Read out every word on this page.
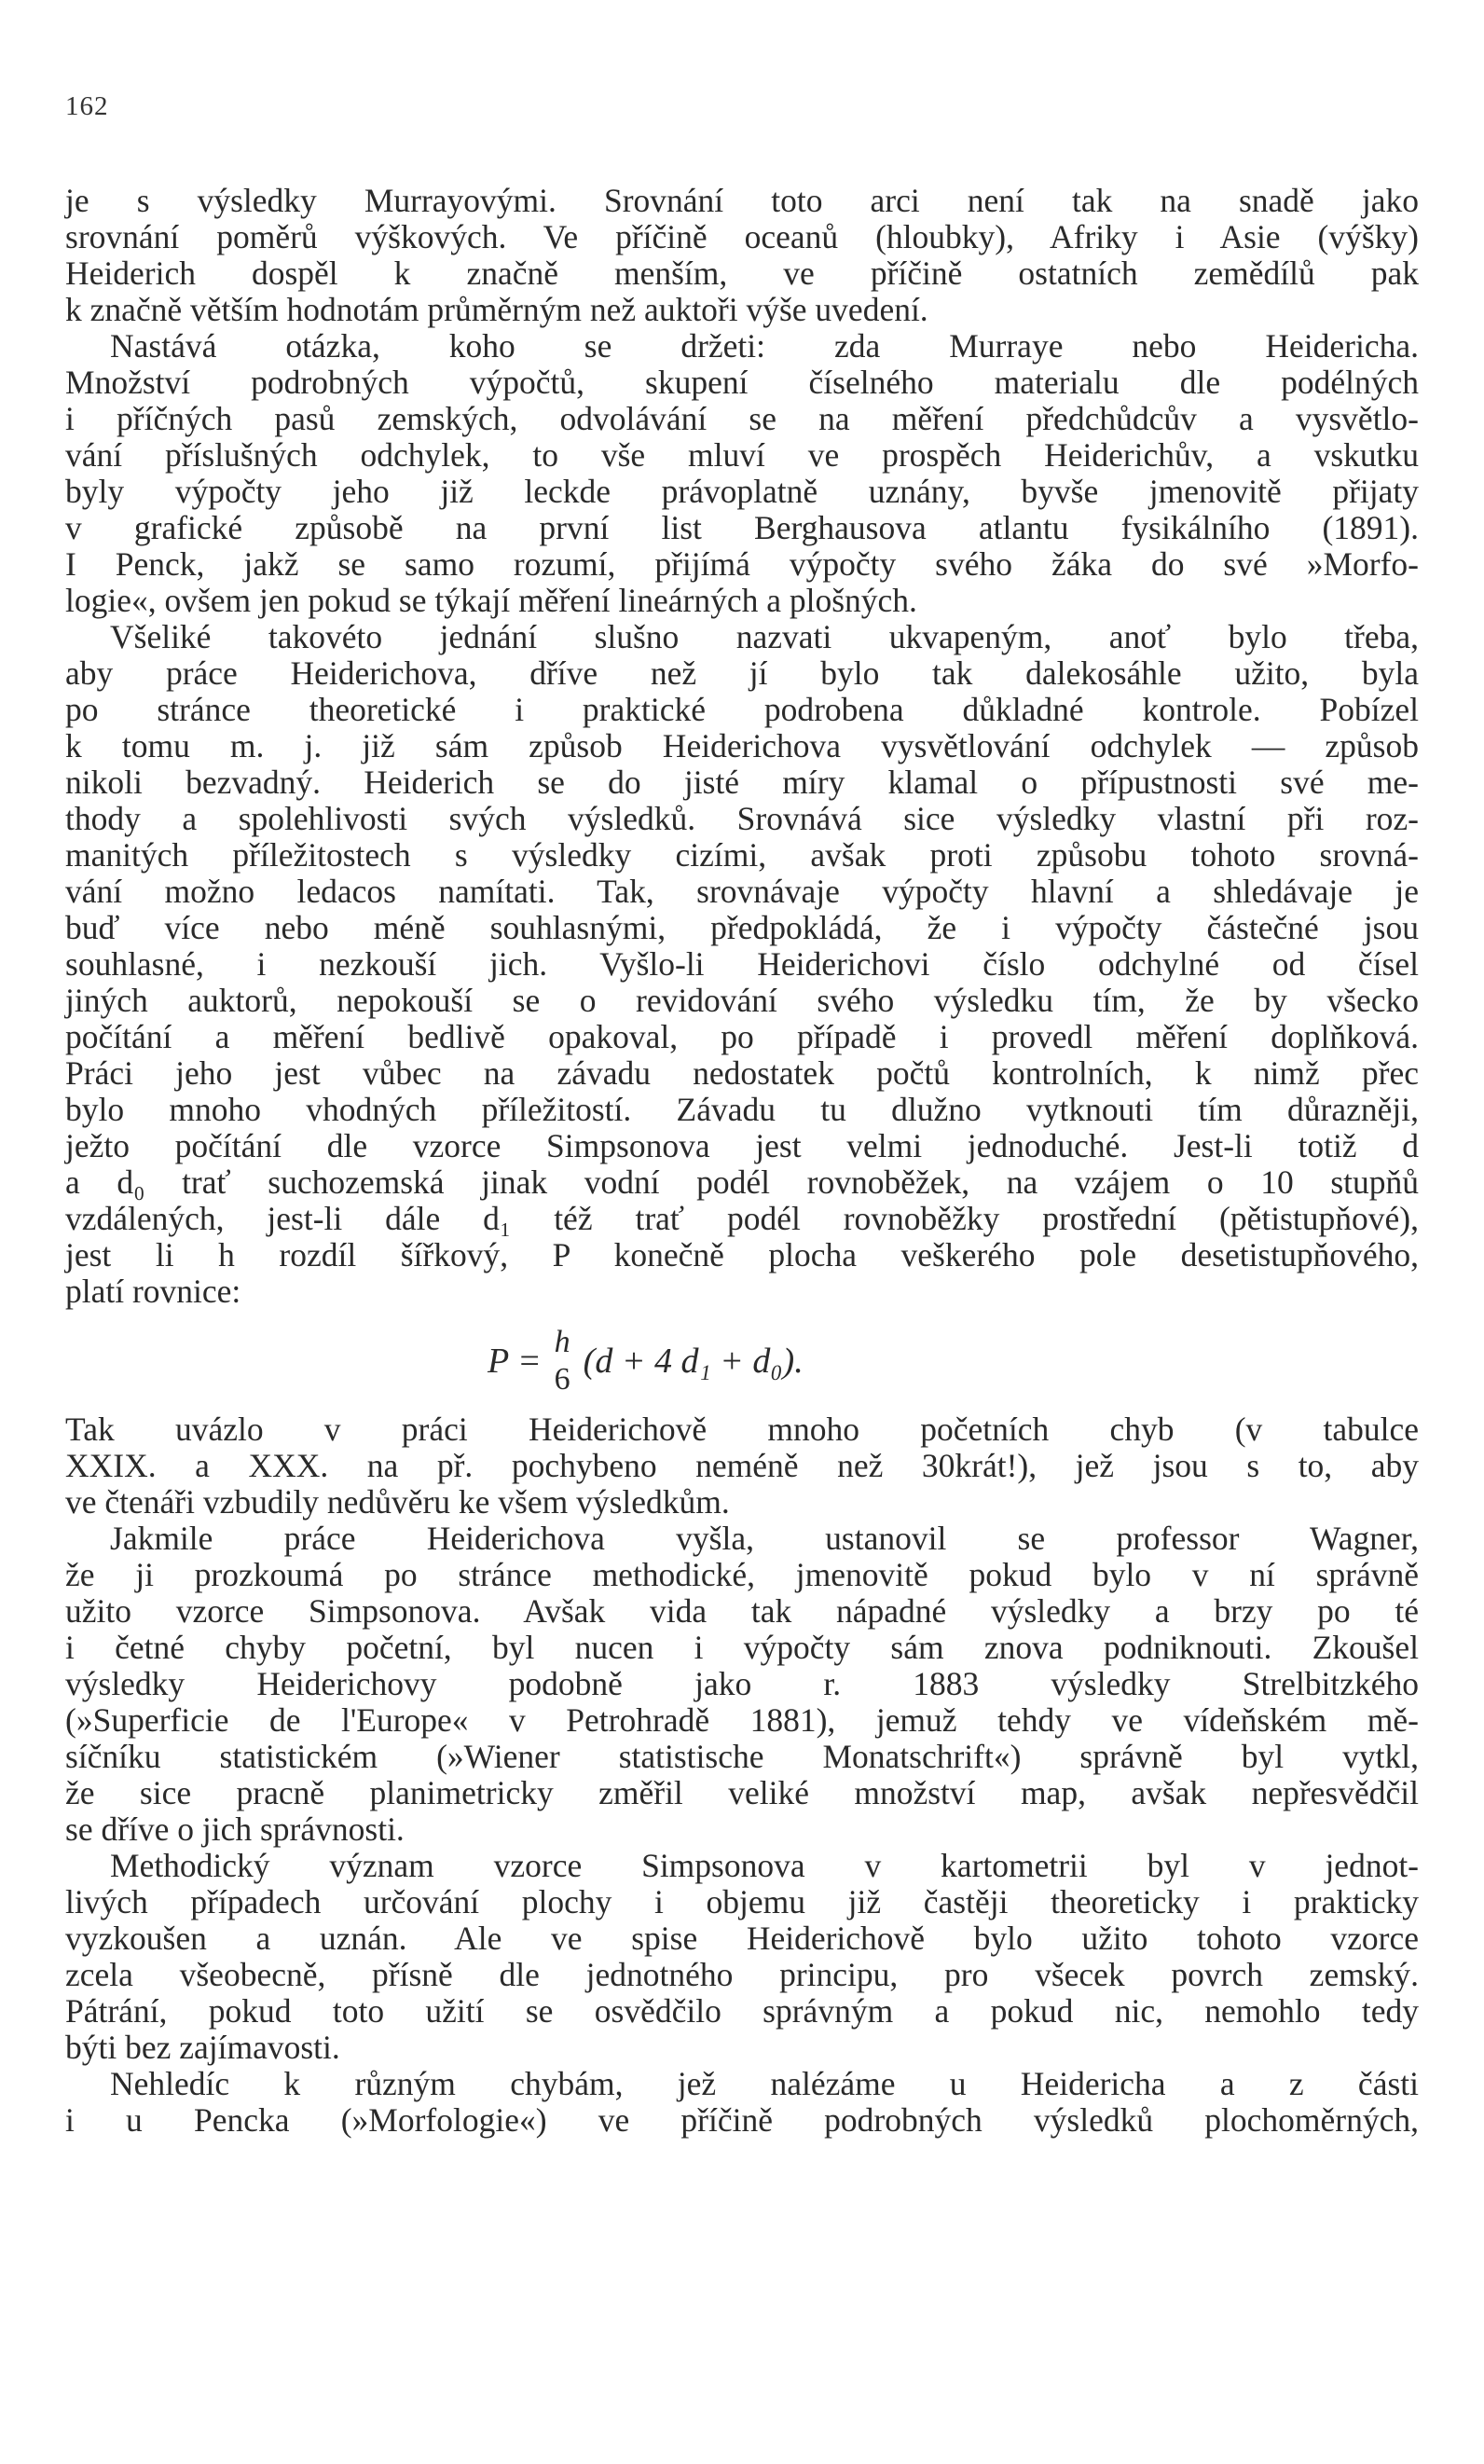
162
je s výsledky Murrayovými. Srovnání toto arci není tak na snadě jako
srovnání poměrů výškových. Ve příčině oceanů (hloubky), Afriky i Asie (výšky)
Heiderich dospěl k značně menším, ve příčině ostatních zemědílů pak
k značně větším hodnotám průměrným než auktoři výše uvedení.
Nastává otázka, koho se držeti: zda Murraye nebo Heidericha.
Množství podrobných výpočtů, skupení číselného materialu dle podélných
i příčných pasů zemských, odvolávání se na měření předchůdcův a vysvětlo-
vání příslušných odchylek, to vše mluví ve prospěch Heiderichův, a vskutku
byly výpočty jeho již leckde právoplatně uznány, byvše jmenovitě přijaty
v grafické způsobě na první list Berghausova atlantu fysikálního (1891).
I Penck, jakž se samo rozumí, přijímá výpočty svého žáka do své »Morfo-
logie«, ovšem jen pokud se týkají měření lineárných a plošných.
Všeliké takovéto jednání slušno nazvati ukvapeným, anoť bylo třeba,
aby práce Heiderichova, dříve než jí bylo tak dalekosáhle užito, byla
po stránce theoretické i praktické podrobena důkladné kontrole. Pobízel
k tomu m. j. již sám způsob Heiderichova vysvětlování odchylek — způsob
nikoli bezvadný. Heiderich se do jisté míry klamal o přípustnosti své me-
thody a spolehlivosti svých výsledků. Srovnává sice výsledky vlastní při roz-
manitých příležitostech s výsledky cizími, avšak proti způsobu tohoto srovná-
vání možno ledacos namítati. Tak, srovnávaje výpočty hlavní a shledávaje je
buď více nebo méně souhlasnými, předpokládá, že i výpočty částečné jsou
souhlasné, i nezkouší jich. Vyšlo-li Heiderichovi číslo odchylné od čísel
jiných auktorů, nepokouší se o revidování svého výsledku tím, že by všecko
počítání a měření bedlivě opakoval, po případě i provedl měření doplňková.
Práci jeho jest vůbec na závadu nedostatek počtů kontrolních, k nimž přec
bylo mnoho vhodných příležitostí. Závadu tu dlužno vytknouti tím důrazněji,
ježto počítání dle vzorce Simpsonova jest velmi jednoduché. Jest-li totiž d
a d₀ trať suchozemská jinak vodní podél rovnoběžek, na vzájem o 10 stupňů
vzdálených, jest-li dále d₁ též trať podél rovnoběžky prostřední (pětistupňové),
jest li h rozdíl šířkový, P konečně plocha veškerého pole desetistupňového,
platí rovnice:
P = h
6 (d + 4 d₁ + d₀).
Tak uvázlo v práci Heiderichově mnoho početních chyb (v tabulce
XXIX. a XXX. na př. pochybeno neméně než 30krát!), jež jsou s to, aby
ve čtenáři vzbudily nedůvěru ke všem výsledkům.
Jakmile práce Heiderichova vyšla, ustanovil se professor Wagner,
že ji prozkoumá po stránce methodické, jmenovitě pokud bylo v ní správně
užito vzorce Simpsonova. Avšak vida tak nápadné výsledky a brzy po té
i četné chyby početní, byl nucen i výpočty sám znova podniknouti. Zkoušel
výsledky Heiderichovy podobně jako r. 1883 výsledky Strelbitzkého
(»Superficie de l'Europe« v Petrohradě 1881), jemuž tehdy ve vídeňském mě-
síčníku statistickém (»Wiener statistische Monatschrift«) správně byl vytkl,
že sice pracně planimetricky změřil veliké množství map, avšak nepřesvědčil
se dříve o jich správnosti.
Methodický význam vzorce Simpsonova v kartometrii byl v jednot-
livých případech určování plochy i objemu již častěji theoreticky i prakticky
vyzkoušen a uznán. Ale ve spise Heiderichově bylo užito tohoto vzorce
zcela všeobecně, přísně dle jednotného principu, pro všecek povrch zemský.
Pátrání, pokud toto užití se osvědčilo správným a pokud nic, nemohlo tedy
býti bez zajímavosti.
Nehledíc k různým chybám, jež nalézáme u Heidericha a z části
i u Pencka (»Morfologie«) ve příčině podrobných výsledků plochoměrných,
